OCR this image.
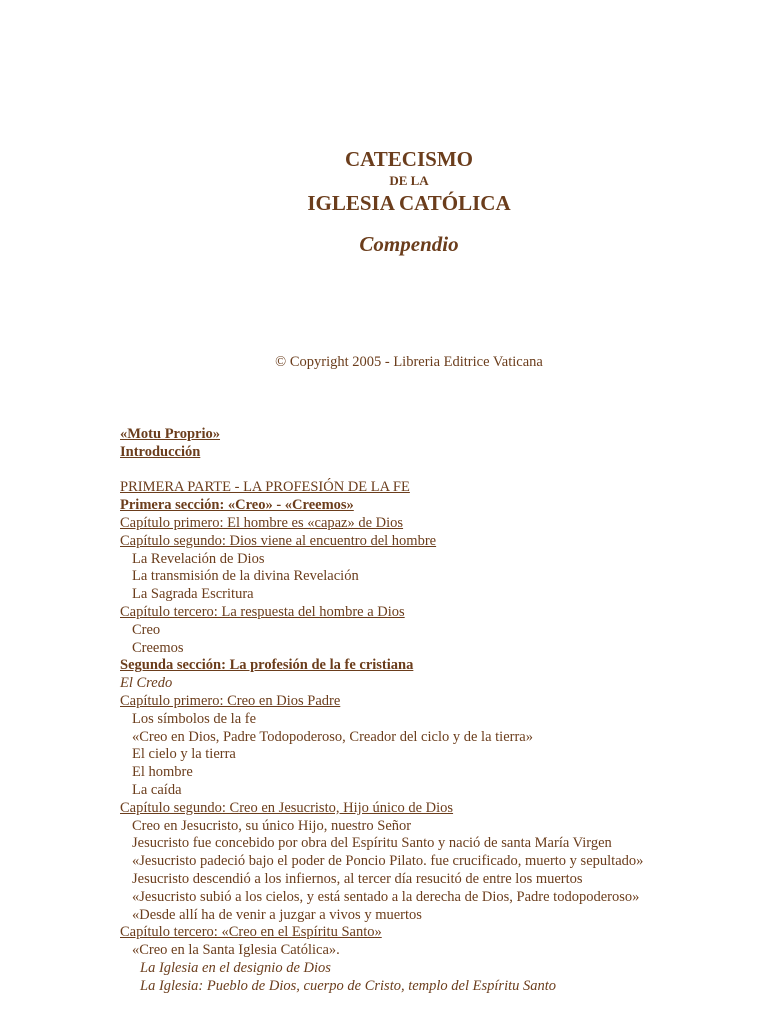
CATECISMO
DE LA
IGLESIA CATÓLICA
Compendio
© Copyright 2005 - Libreria Editrice Vaticana
«Motu Proprio»
Introducción
PRIMERA PARTE - LA PROFESIÓN DE LA FE
Primera sección: «Creo» - «Creemos»
Capítulo primero: El hombre es «capaz» de Dios
Capítulo segundo: Dios viene al encuentro del hombre
La Revelación de Dios
La transmisión de la divina Revelación
La Sagrada Escritura
Capítulo tercero: La respuesta del hombre a Dios
Creo
Creemos
Segunda sección: La profesión de la fe cristiana
El Credo
Capítulo primero: Creo en Dios Padre
Los símbolos de la fe
«Creo en Dios, Padre Todopoderoso, Creador del ciclo y de la tierra»
El cielo y la tierra
El hombre
La caída
Capítulo segundo: Creo en Jesucristo, Hijo único de Dios
Creo en Jesucristo, su único Hijo, nuestro Señor
Jesucristo fue concebido por obra del Espíritu Santo y nació de santa María Virgen
«Jesucristo padeció bajo el poder de Poncio Pilato. fue crucificado, muerto y sepultado»
Jesucristo descendió a los infiernos, al tercer día resucitó de entre los muertos
«Jesucristo subió a los cielos, y está sentado a la derecha de Dios, Padre todopoderoso»
«Desde allí ha de venir a juzgar a vivos y muertos
Capítulo tercero: «Creo en el Espíritu Santo»
«Creo en la Santa Iglesia Católica».
La Iglesia en el designio de Dios
La Iglesia: Pueblo de Dios, cuerpo de Cristo, templo del Espíritu Santo
